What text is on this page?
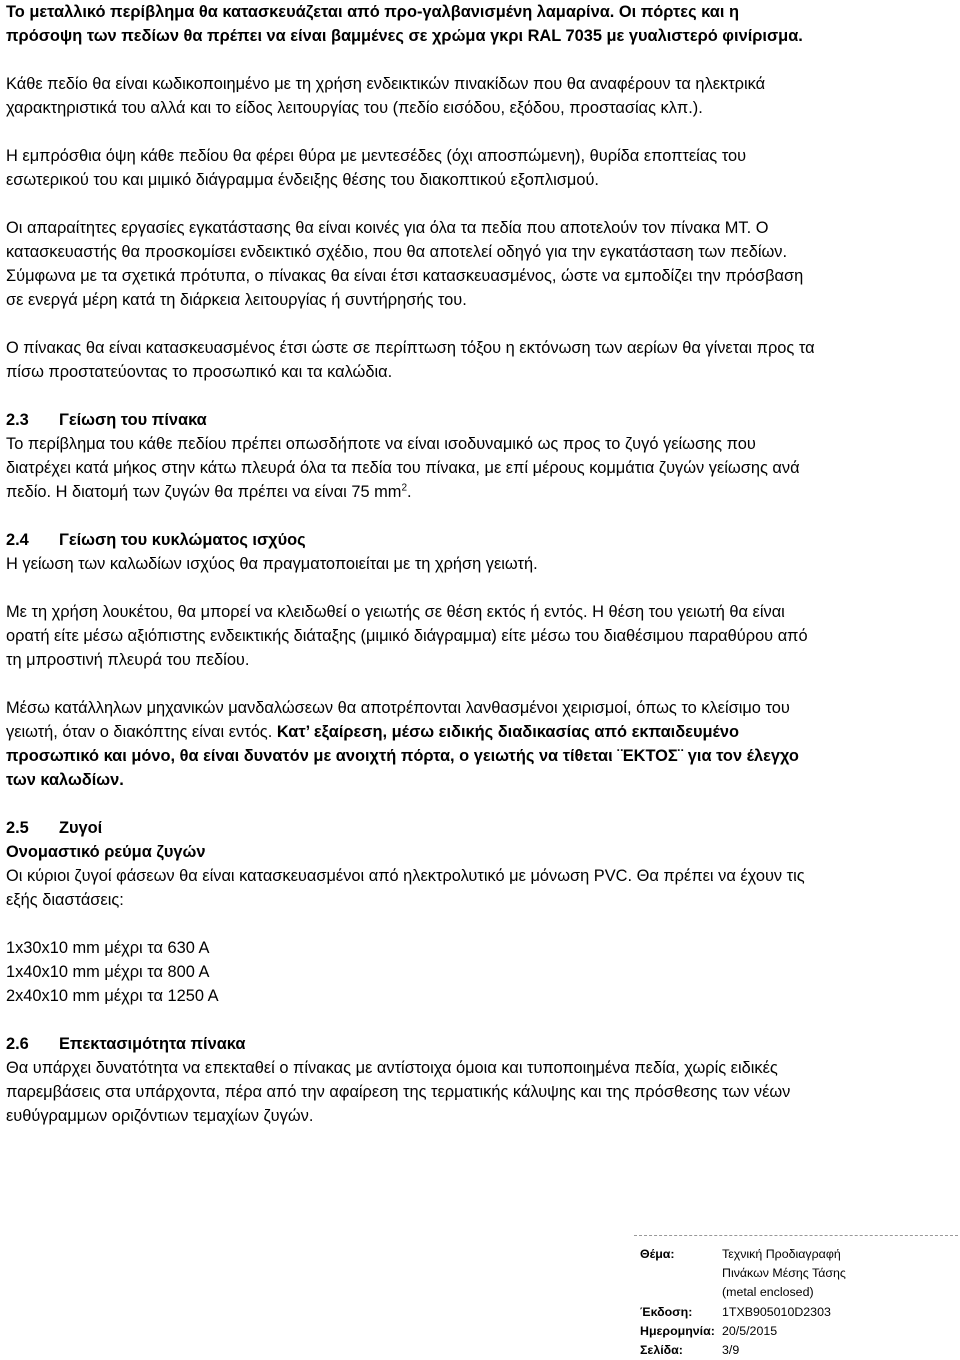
Το μεταλλικό περίβλημα θα κατασκευάζεται από προ-γαλβανισμένη λαμαρίνα. Οι πόρτες και η
πρόσοψη των πεδίων θα πρέπει να είναι βαμμένες σε χρώμα γκρι RAL 7035 με γυαλιστερό φινίρισμα.
Κάθε πεδίο θα είναι κωδικοποιημένο με τη χρήση ενδεικτικών πινακίδων που θα αναφέρουν τα ηλεκτρικά
χαρακτηριστικά του αλλά και το είδος λειτουργίας του (πεδίο εισόδου, εξόδου, προστασίας κλπ.).
Η εμπρόσθια όψη κάθε πεδίου θα φέρει θύρα με μεντεσέδες (όχι αποσπώμενη), θυρίδα εποπτείας του
εσωτερικού του και μιμικό διάγραμμα ένδειξης θέσης του διακοπτικού εξοπλισμού.
Οι απαραίτητες εργασίες εγκατάστασης θα είναι κοινές για όλα τα πεδία που αποτελούν τον πίνακα ΜΤ. Ο
κατασκευαστής θα προσκομίσει ενδεικτικό σχέδιο, που θα αποτελεί οδηγό για την εγκατάσταση των πεδίων.
Σύμφωνα με τα σχετικά πρότυπα, ο πίνακας θα είναι έτσι κατασκευασμένος, ώστε να εμποδίζει την πρόσβαση
σε ενεργά μέρη κατά τη διάρκεια λειτουργίας ή συντήρησής του.
Ο πίνακας θα είναι κατασκευασμένος έτσι ώστε σε περίπτωση τόξου η εκτόνωση των αερίων θα γίνεται προς τα
πίσω προστατεύοντας το προσωπικό και τα καλώδια.
2.3 Γείωση του πίνακα
Το περίβλημα του κάθε πεδίου πρέπει οπωσδήποτε να είναι ισοδυναμικό ως προς το ζυγό γείωσης που
διατρέχει κατά μήκος στην κάτω πλευρά όλα τα πεδία του πίνακα, με επί μέρους κομμάτια ζυγών γείωσης ανά
πεδίο. Η διατομή των ζυγών θα πρέπει να είναι 75 $mm^2$.
2.4 Γείωση του κυκλώματος ισχύος
Η γείωση των καλωδίων ισχύος θα πραγματοποιείται με τη χρήση γειωτή.
Με τη χρήση λουκέτου, θα μπορεί να κλειδωθεί ο γειωτής σε θέση εκτός ή εντός. Η θέση του γειωτή θα είναι
ορατή είτε μέσω αξιόπιστης ενδεικτικής διάταξης (μιμικό διάγραμμα) είτε μέσω του διαθέσιμου παραθύρου από
τη μπροστινή πλευρά του πεδίου.
Μέσω κατάλληλων μηχανικών μανδαλώσεων θα αποτρέπονται λανθασμένοι χειρισμοί, όπως το κλείσιμο του
γειωτή, όταν ο διακόπτης είναι εντός. Κατ’ εξαίρεση, μέσω ειδικής διαδικασίας από εκπαιδευμένο
προσωπικό και μόνο, θα είναι δυνατόν με ανοιχτή πόρτα, ο γειωτής να τίθεται ¨ΕΚΤΟΣ¨ για τον έλεγχο
των καλωδίων.
2.5 Ζυγοί
Ονομαστικό ρεύμα ζυγών
Οι κύριοι ζυγοί φάσεων θα είναι κατασκευασμένοι από ηλεκτρολυτικό με μόνωση PVC. Θα πρέπει να έχουν τις
εξής διαστάσεις:
1x30x10 mm μέχρι τα 630 Α
1x40x10 mm μέχρι τα 800 Α
2x40x10 mm μέχρι τα 1250 Α
2.6 Επεκτασιμότητα πίνακα
Θα υπάρχει δυνατότητα να επεκταθεί ο πίνακας με αντίστοιχα όμοια και τυποποιημένα πεδία, χωρίς ειδικές
παρεμβάσεις στα υπάρχοντα, πέρα από την αφαίρεση της τερματικής κάλυψης και της πρόσθεσης των νέων
ευθύγραμμων οριζόντιων τεμαχίων ζυγών.
Θέμα:	Τεχνική Προδιαγραφή
Πινάκων Μέσης Τάσης
(metal enclosed)
Έκδοση:	1TXB905010D2303
Ημερομηνία: 20/5/2015
Σελίδα:	3/9
